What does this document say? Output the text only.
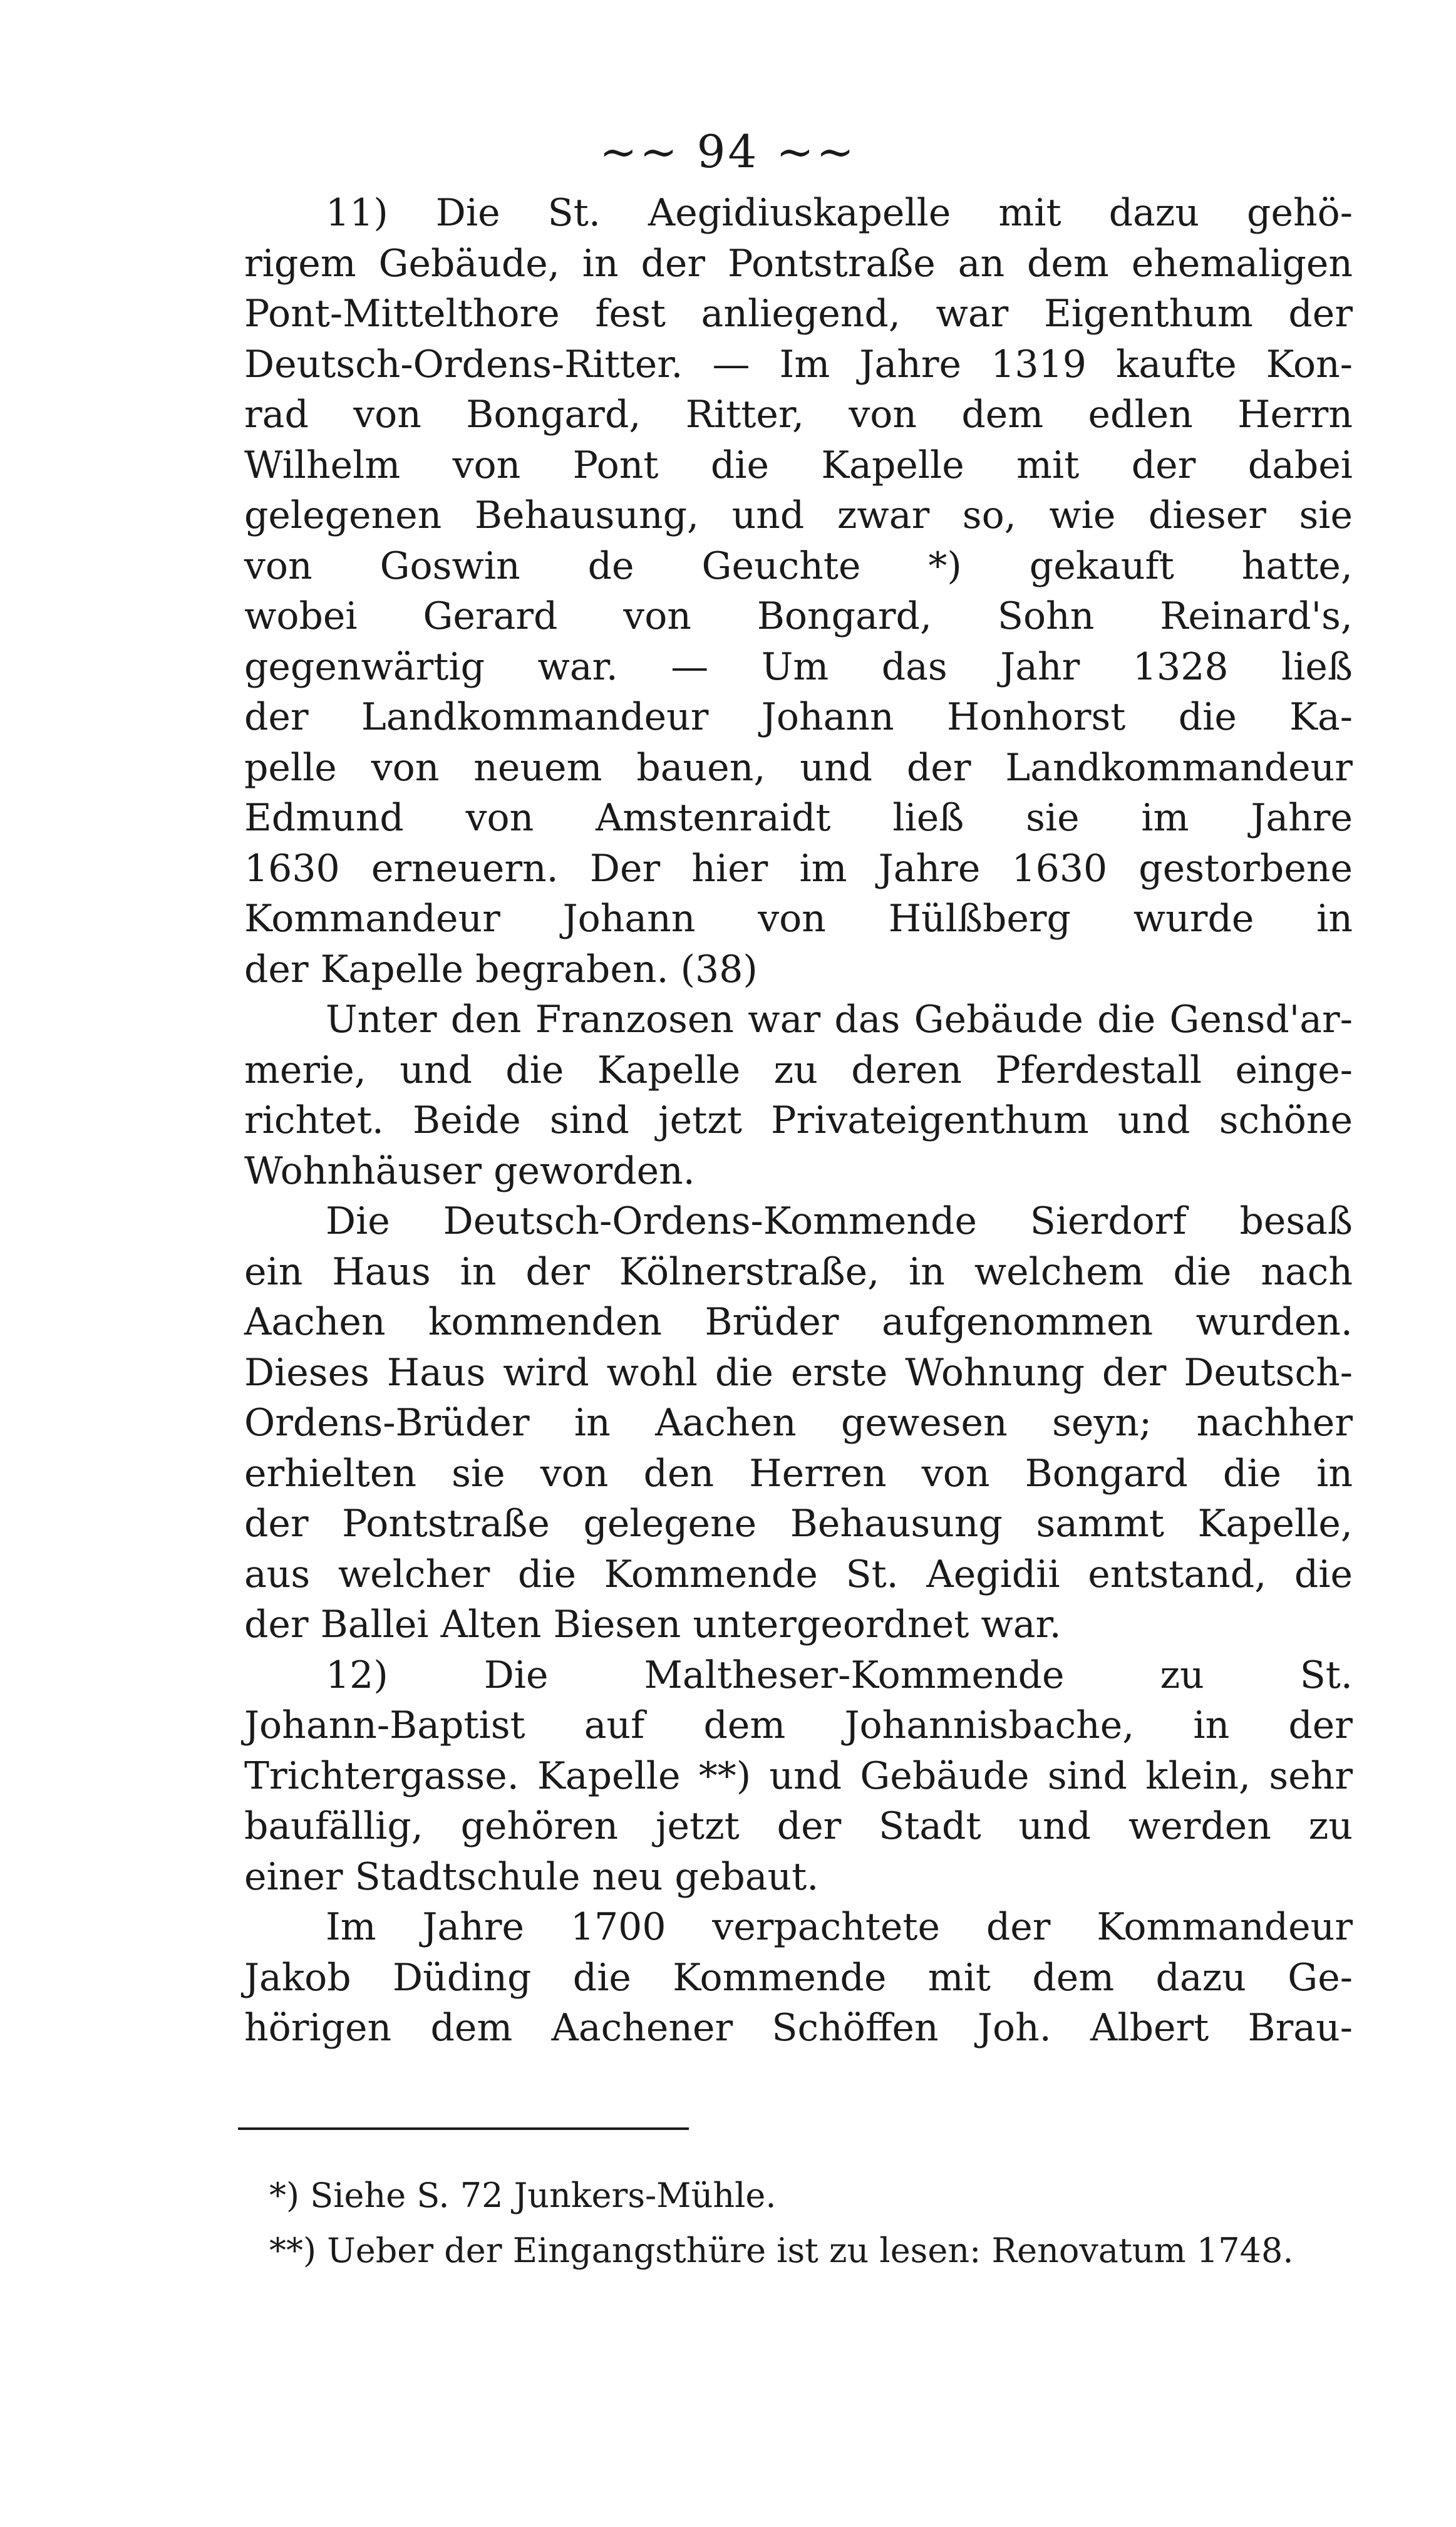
~~ 94 ~~
11) Die St. Aegidiuskapelle mit dazu gehö-
rigem Gebäude, in der Pontstraße an dem ehemaligen
Pont-Mittelthore fest anliegend, war Eigenthum der
Deutsch-Ordens-Ritter. — Im Jahre 1319 kaufte Kon-
rad von Bongard, Ritter, von dem edlen Herrn
Wilhelm von Pont die Kapelle mit der dabei
gelegenen Behausung, und zwar so, wie dieser sie
von Goswin de Geuchte *) gekauft hatte,
wobei Gerard von Bongard, Sohn Reinard's,
gegenwärtig war. — Um das Jahr 1328 ließ
der Landkommandeur Johann Honhorst die Ka-
pelle von neuem bauen, und der Landkommandeur
Edmund von Amstenraidt ließ sie im Jahre
1630 erneuern. Der hier im Jahre 1630 gestorbene
Kommandeur Johann von Hülßberg wurde in
der Kapelle begraben. (38)
Unter den Franzosen war das Gebäude die Gensd'ar-
merie, und die Kapelle zu deren Pferdestall einge-
richtet. Beide sind jetzt Privateigenthum und schöne
Wohnhäuser geworden.
Die Deutsch-Ordens-Kommende Sierdorf besaß
ein Haus in der Kölnerstraße, in welchem die nach
Aachen kommenden Brüder aufgenommen wurden.
Dieses Haus wird wohl die erste Wohnung der Deutsch-
Ordens-Brüder in Aachen gewesen seyn; nachher
erhielten sie von den Herren von Bongard die in
der Pontstraße gelegene Behausung sammt Kapelle,
aus welcher die Kommende St. Aegidii entstand, die
der Ballei Alten Biesen untergeordnet war.
12) Die Maltheser-Kommende zu St.
Johann-Baptist auf dem Johannisbache, in der
Trichtergasse. Kapelle **) und Gebäude sind klein, sehr
baufällig, gehören jetzt der Stadt und werden zu
einer Stadtschule neu gebaut.
Im Jahre 1700 verpachtete der Kommandeur
Jakob Düding die Kommende mit dem dazu Ge-
hörigen dem Aachener Schöffen Joh. Albert Brau-
*) Siehe S. 72 Junkers-Mühle.
**) Ueber der Eingangsthüre ist zu lesen: Renovatum 1748.
